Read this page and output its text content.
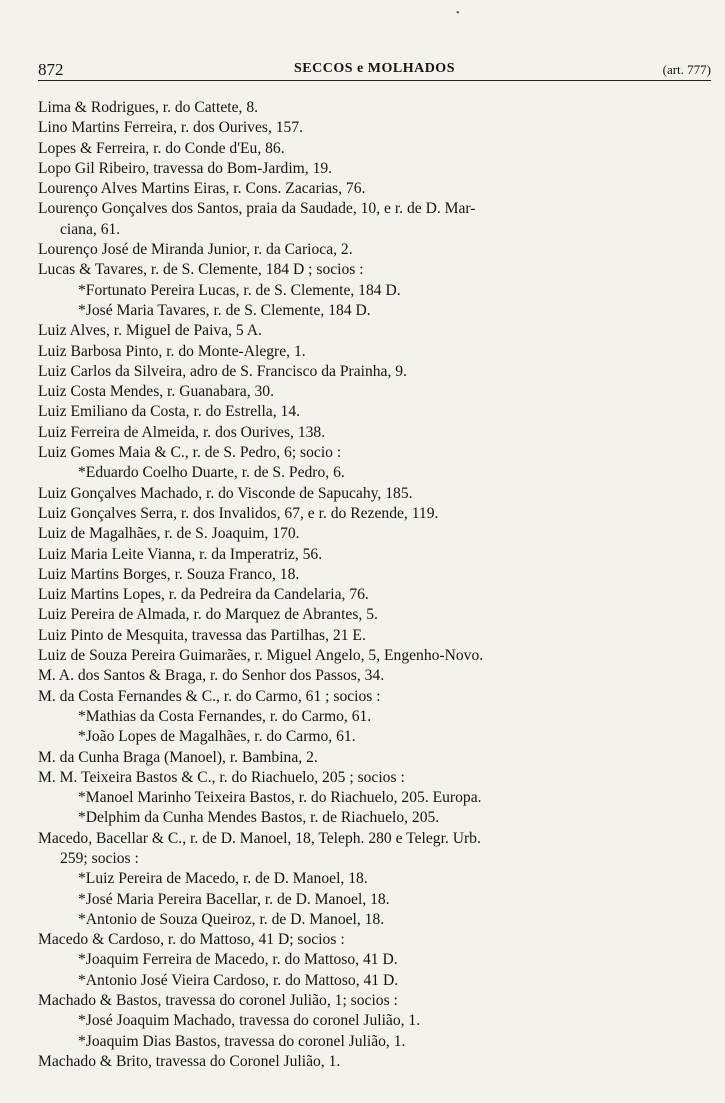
•
872	SECCOS e MOLHADOS	(art. 777)
Lima & Rodrigues, r. do Cattete, 8.
Lino Martins Ferreira, r. dos Ourives, 157.
Lopes & Ferreira, r. do Conde d'Eu, 86.
Lopo Gil Ribeiro, travessa do Bom-Jardim, 19.
Lourenço Alves Martins Eiras, r. Cons. Zacarias, 76.
Lourenço Gonçalves dos Santos, praia da Saudade, 10, e r. de D. Mar-
ciana, 61.
Lourenço José de Miranda Junior, r. da Carioca, 2.
Lucas & Tavares, r. de S. Clemente, 184 D ; socios :
*Fortunato Pereira Lucas, r. de S. Clemente, 184 D.
*José Maria Tavares, r. de S. Clemente, 184 D.
Luiz Alves, r. Miguel de Paiva, 5 A.
Luiz Barbosa Pinto, r. do Monte-Alegre, 1.
Luiz Carlos da Silveira, adro de S. Francisco da Prainha, 9.
Luiz Costa Mendes, r. Guanabara, 30.
Luiz Emiliano da Costa, r. do Estrella, 14.
Luiz Ferreira de Almeida, r. dos Ourives, 138.
Luiz Gomes Maia & C., r. de S. Pedro, 6; socio :
*Eduardo Coelho Duarte, r. de S. Pedro, 6.
Luiz Gonçalves Machado, r. do Visconde de Sapucahy, 185.
Luiz Gonçalves Serra, r. dos Invalidos, 67, e r. do Rezende, 119.
Luiz de Magalhães, r. de S. Joaquim, 170.
Luiz Maria Leite Vianna, r. da Imperatriz, 56.
Luiz Martins Borges, r. Souza Franco, 18.
Luiz Martins Lopes, r. da Pedreira da Candelaria, 76.
Luiz Pereira de Almada, r. do Marquez de Abrantes, 5.
Luiz Pinto de Mesquita, travessa das Partilhas, 21 E.
Luiz de Souza Pereira Guimarães, r. Miguel Angelo, 5, Engenho-Novo.
M. A. dos Santos & Braga, r. do Senhor dos Passos, 34.
M. da Costa Fernandes & C., r. do Carmo, 61 ; socios :
*Mathias da Costa Fernandes, r. do Carmo, 61.
*João Lopes de Magalhães, r. do Carmo, 61.
M. da Cunha Braga (Manoel), r. Bambina, 2.
M. M. Teixeira Bastos & C., r. do Riachuelo, 205 ; socios :
*Manoel Marinho Teixeira Bastos, r. do Riachuelo, 205. Europa.
*Delphim da Cunha Mendes Bastos, r. de Riachuelo, 205.
Macedo, Bacellar & C., r. de D. Manoel, 18, Teleph. 280 e Telegr. Urb.
259; socios :
*Luiz Pereira de Macedo, r. de D. Manoel, 18.
*José Maria Pereira Bacellar, r. de D. Manoel, 18.
*Antonio de Souza Queiroz, r. de D. Manoel, 18.
Macedo & Cardoso, r. do Mattoso, 41 D; socios :
*Joaquim Ferreira de Macedo, r. do Mattoso, 41 D.
*Antonio José Vieira Cardoso, r. do Mattoso, 41 D.
Machado & Bastos, travessa do coronel Julião, 1; socios :
*José Joaquim Machado, travessa do coronel Julião, 1.
*Joaquim Dias Bastos, travessa do coronel Julião, 1.
Machado & Brito, travessa do Coronel Julião, 1.
